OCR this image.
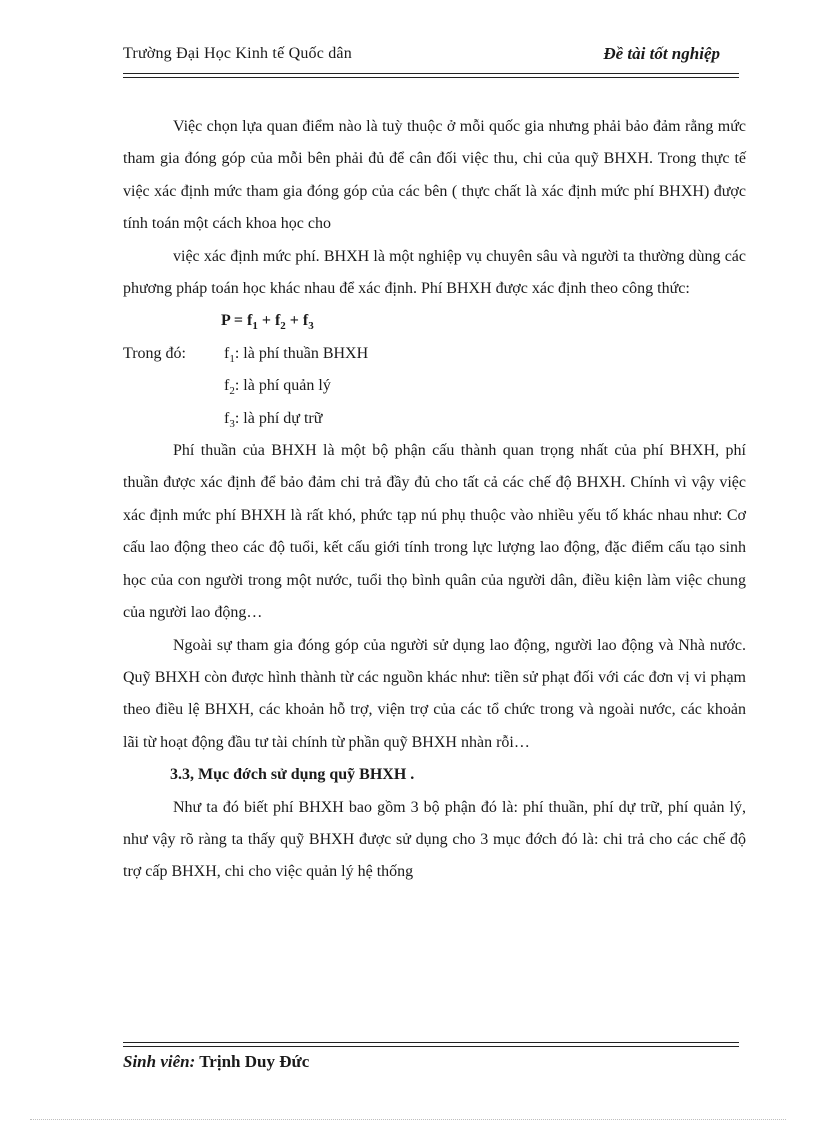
Trường Đại Học Kinh tế Quốc dân	Đề tài tốt nghiệp

Việc chọn lựa quan điểm nào là tuỳ thuộc ở mỗi quốc gia nhưng phải bảo đảm rằng mức tham gia đóng góp của mỗi bên phải đủ để cân đối việc thu, chi của quỹ BHXH. Trong thực tế việc xác định mức tham gia đóng góp của các bên ( thực chất là xác định mức phí BHXH) được tính toán một cách khoa học cho

việc xác định mức phí. BHXH là một nghiệp vụ chuyên sâu và người ta thường dùng các phương pháp toán học khác nhau để xác định. Phí BHXH được xác định theo công thức:

$P = f_1 + f_2 + f_3$
Trong đó:	$f_1$: là phí thuần BHXH
$f_2$: là phí quản lý
$f_3$: là phí dự trữ

Phí thuần của BHXH là một bộ phận cấu thành quan trọng nhất của phí BHXH, phí thuần được xác định để bảo đảm chi trả đầy đủ cho tất cả các chế độ BHXH. Chính vì vậy việc xác định mức phí BHXH là rất khó, phức tạp nú phụ thuộc vào nhiều yếu tố khác nhau như: Cơ cấu lao động theo các độ tuổi, kết cấu giới tính trong lực lượng lao động, đặc điểm cấu tạo sinh học của con người trong một nước, tuổi thọ bình quân của người dân, điều kiện làm việc chung của người lao động…

Ngoài sự tham gia đóng góp của người sử dụng lao động, người lao động và Nhà nước. Quỹ BHXH còn được hình thành từ các nguồn khác như: tiền sử phạt đối với các đơn vị vi phạm theo điều lệ BHXH, các khoản hỗ trợ, viện trợ của các tổ chức trong và ngoài nước, các khoản lãi từ hoạt động đầu tư tài chính từ phần quỹ BHXH nhàn rỗi…

3.3, Mục đớch sử dụng quỹ BHXH .

Như ta đó biết phí BHXH bao gồm 3 bộ phận đó là: phí thuần, phí dự trữ, phí quản lý, như vậy rõ ràng ta thấy quỹ BHXH được sử dụng cho 3 mục đớch đó là: chi trả cho các chế độ trợ cấp BHXH, chi cho việc quản lý hệ thống

Sinh viên: Trịnh Duy Đức
